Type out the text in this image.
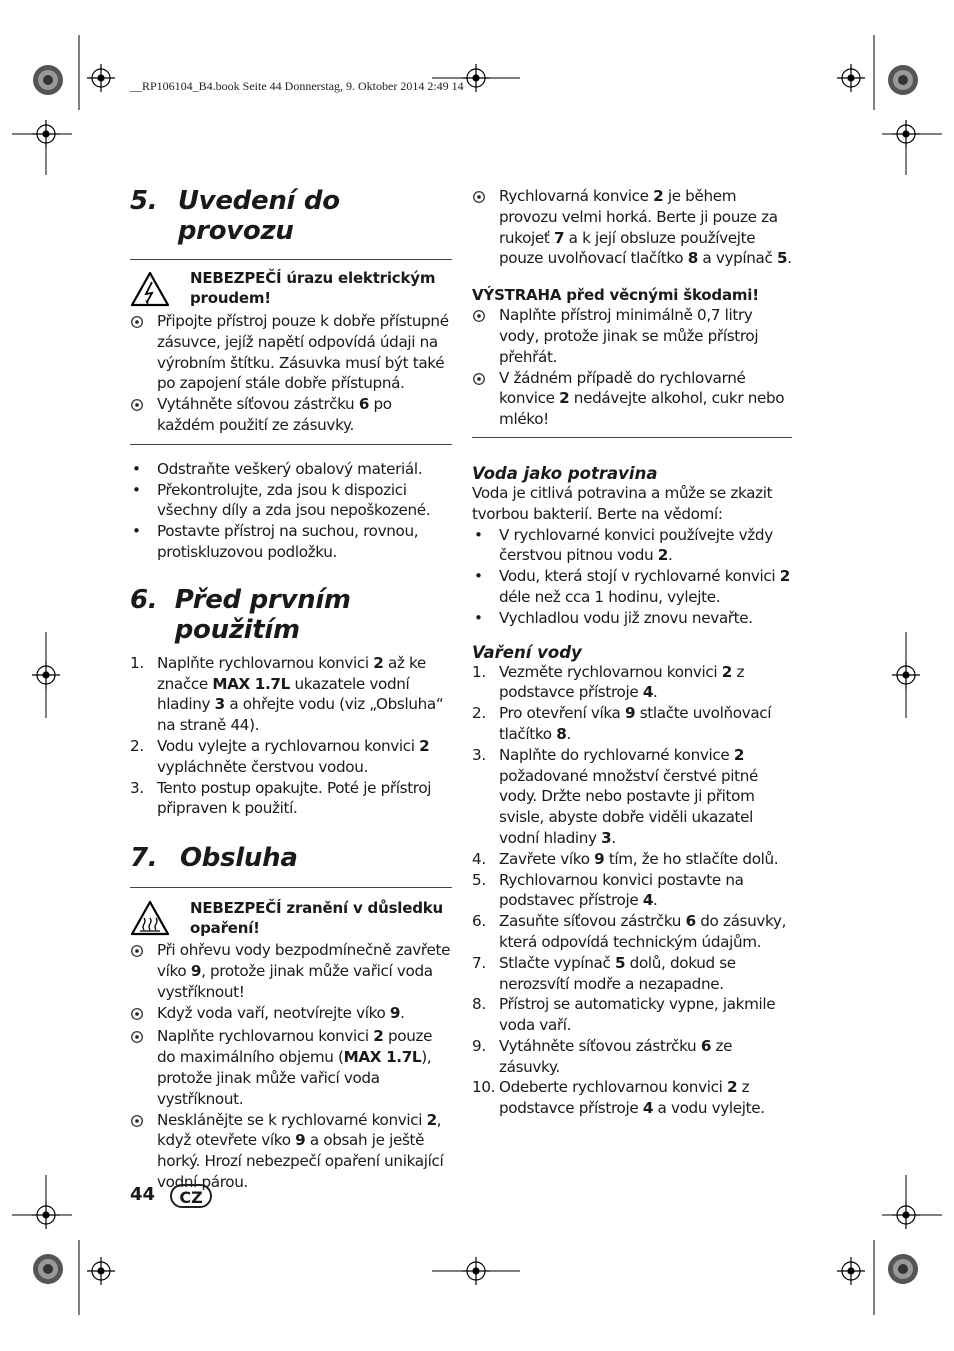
__RP106104_B4.book Seite 44 Donnerstag, 9. Oktober 2014 2:49 14
5. Uvedení do provozu
NEBEZPEČÍ úrazu elektrickým proudem!
Připojte přístroj pouze k dobře přístupné zásuvce, jejíž napětí odpovídá údaji na výrobním štítku. Zásuvka musí být také po zapojení stále dobře přístupná.
Vytáhněte síťovou zástrčku 6 po každém použití ze zásuvky.
•	Odstraňte veškerý obalový materiál.
•	Překontrolujte, zda jsou k dispozici všechny díly a zda jsou nepoškozené.
•	Postavte přístroj na suchou, rovnou, protiskluzovou podložku.
6. Před prvním použitím
1. Naplňte rychlovarnou konvici 2 až ke značce MAX 1.7L ukazatele vodní hladiny 3 a ohřejte vodu (viz „Obsluha“ na straně 44).
2. Vodu vylejte a rychlovarnou konvici 2 vypláchněte čerstvou vodou.
3. Tento postup opakujte. Poté je přístroj připraven k použití.
7. Obsluha
NEBEZPEČÍ zranění v důsledku opaření!
Při ohřevu vody bezpodmínečně zavřete víko 9, protože jinak může vařicí voda vystříknout!
Když voda vaří, neotvírejte víko 9.
Naplňte rychlovarnou konvici 2 pouze do maximálního objemu (MAX 1.7L), protože jinak může vařicí voda vystříknout.
Nesklánějte se k rychlovarné konvici 2, když otevřete víko 9 a obsah je ještě horký. Hrozí nebezpečí opaření unikající vodní párou.
Rychlovarná konvice 2 je během provozu velmi horká. Berte ji pouze za rukojeť 7 a k její obsluze používejte pouze uvolňovací tlačítko 8 a vypínač 5.
VÝSTRAHA před věcnými škodami!
Naplňte přístroj minimálně 0,7 litry vody, protože jinak se může přístroj přehřát.
V žádném případě do rychlovarné konvice 2 nedávejte alkohol, cukr nebo mléko!
Voda jako potravina
Voda je citlivá potravina a může se zkazit tvorbou bakterií. Berte na vědomí:
•	V rychlovarné konvici používejte vždy čerstvou pitnou vodu 2.
•	Vodu, která stojí v rychlovarné konvici 2 déle než cca 1 hodinu, vylejte.
•	Vychladlou vodu již znovu nevařte.
Vaření vody
1. Vezměte rychlovarnou konvici 2 z podstavce přístroje 4.
2. Pro otevření víka 9 stlačte uvolňovací tlačítko 8.
3. Naplňte do rychlovarné konvice 2 požadované množství čerstvé pitné vody. Držte nebo postavte ji přitom svisle, abyste dobře viděli ukazatel vodní hladiny 3.
4. Zavřete víko 9 tím, že ho stlačíte dolů.
5. Rychlovarnou konvici postavte na podstavec přístroje 4.
6. Zasuňte síťovou zástrčku 6 do zásuvky, která odpovídá technickým údajům.
7. Stlačte vypínač 5 dolů, dokud se nerozsvítí modře a nezapadne.
8. Přístroj se automaticky vypne, jakmile voda vaří.
9. Vytáhněte síťovou zástrčku 6 ze zásuvky.
10. Odeberte rychlovarnou konvici 2 z podstavce přístroje 4 a vodu vylejte.
44	CZ
